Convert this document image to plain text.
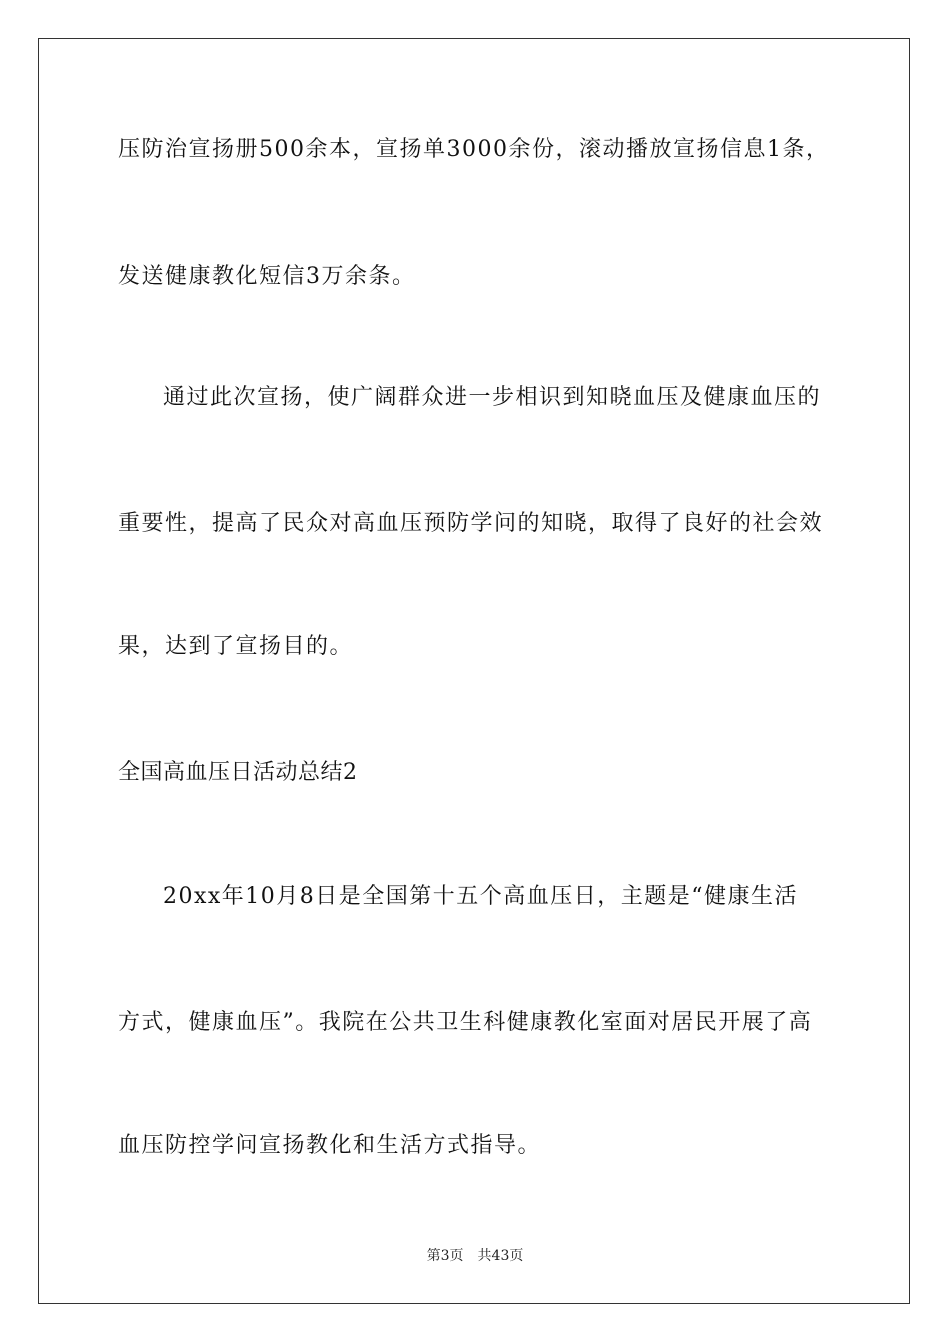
压防治宣扬册500余本，宣扬单3000余份，滚动播放宣扬信息1条，
发送健康教化短信3万余条。
通过此次宣扬，使广阔群众进一步相识到知晓血压及健康血压的
重要性，提高了民众对高血压预防学问的知晓，取得了良好的社会效
果，达到了宣扬目的。
全国高血压日活动总结2
20xx年10月8日是全国第十五个高血压日，主题是“健康生活
方式，健康血压”。我院在公共卫生科健康教化室面对居民开展了高
血压防控学问宣扬教化和生活方式指导。
第3页 共43页
